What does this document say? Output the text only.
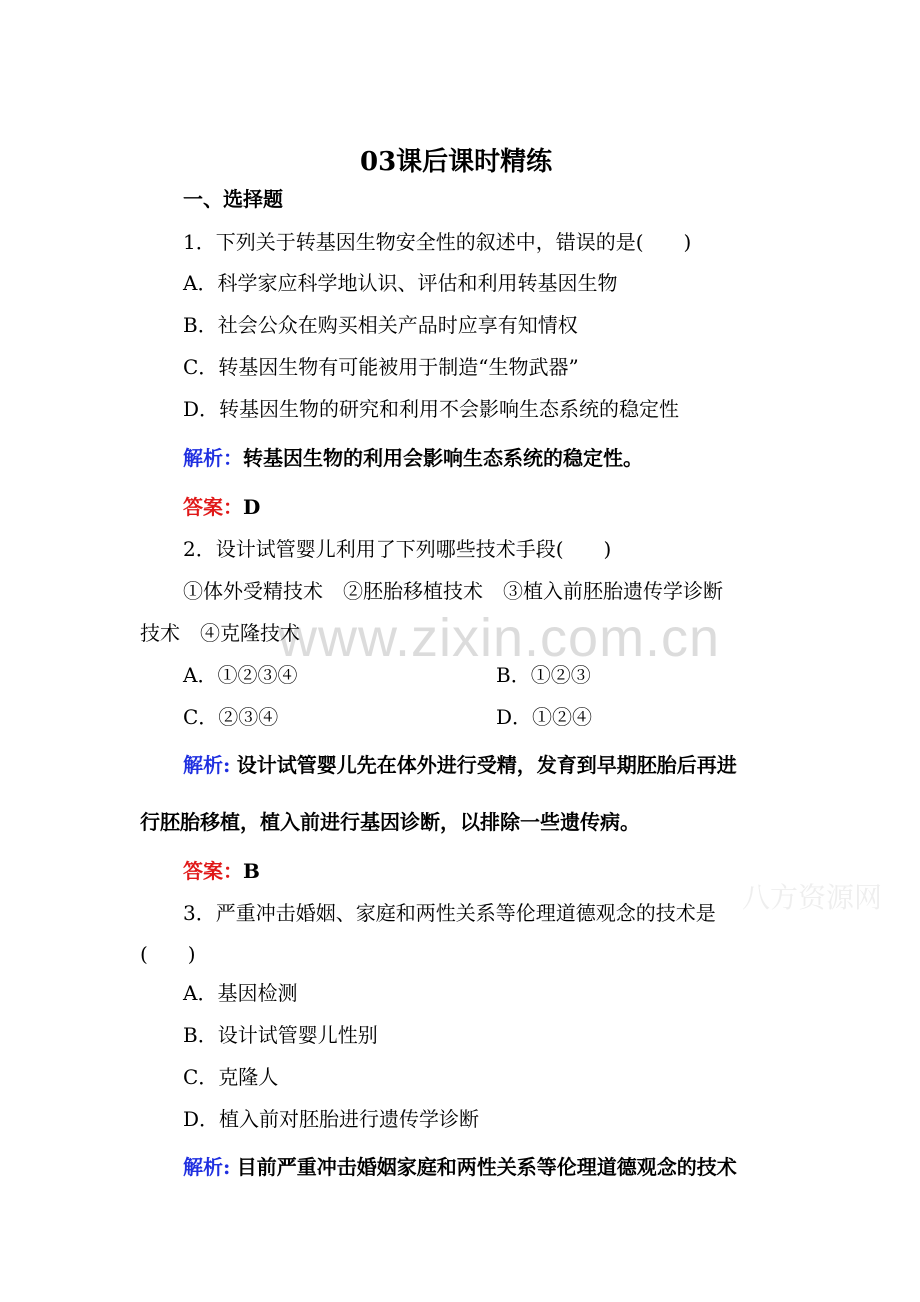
www.zixin.com.cn
八方资源网
03课后课时精练
一、选择题
1．下列关于转基因生物安全性的叙述中，错误的是(　　)
A．科学家应科学地认识、评估和利用转基因生物
B．社会公众在购买相关产品时应享有知情权
C．转基因生物有可能被用于制造“生物武器”
D．转基因生物的研究和利用不会影响生态系统的稳定性
解析：转基因生物的利用会影响生态系统的稳定性。
答案：D
2．设计试管婴儿利用了下列哪些技术手段(　　)
①体外受精技术　②胚胎移植技术　③植入前胚胎遗传学诊断
技术　④克隆技术
A．①②③④	B．①②③
C．②③④	D．①②④
解析: 设计试管婴儿先在体外进行受精，发育到早期胚胎后再进
行胚胎移植，植入前进行基因诊断，以排除一些遗传病。
答案：B
3．严重冲击婚姻、家庭和两性关系等伦理道德观念的技术是
(　　)
A．基因检测
B．设计试管婴儿性别
C．克隆人
D．植入前对胚胎进行遗传学诊断
解析: 目前严重冲击婚姻家庭和两性关系等伦理道德观念的技术
